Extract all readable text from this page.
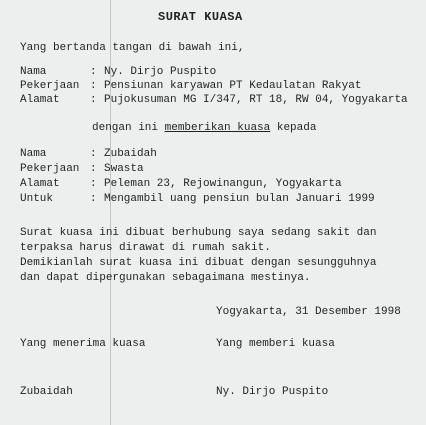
SURAT KUASA
Yang bertanda tangan di bawah ini,
Nama	: Ny. Dirjo Puspito
Pekerjaan : Pensiunan karyawan PT Kedaulatan Rakyat
Alamat	: Pujokusuman MG I/347, RT 18, RW 04, Yogyakarta
dengan ini memberikan kuasa kepada
Nama	: Zubaidah
Pekerjaan : Swasta
Alamat	: Peleman 23, Rejowinangun, Yogyakarta
Untuk	: Mengambil uang pensiun bulan Januari 1999
Surat kuasa ini dibuat berhubung saya sedang sakit dan
terpaksa harus dirawat di rumah sakit.
Demikianlah surat kuasa ini dibuat dengan sesungguhnya
dan dapat dipergunakan sebagaimana mestinya.
Yogyakarta, 31 Desember 1998
Yang menerima kuasa	Yang memberi kuasa
Zubaidah	Ny. Dirjo Puspito
